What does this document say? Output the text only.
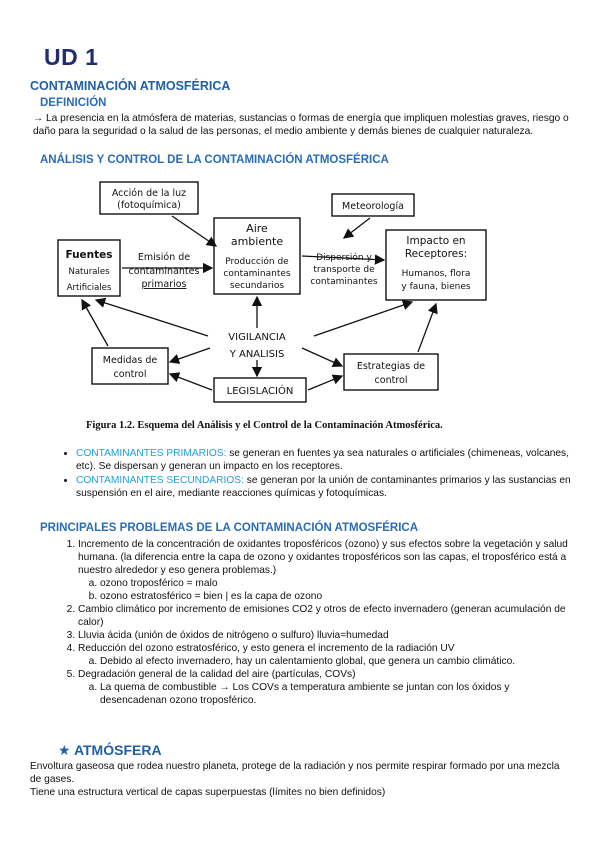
UD 1
CONTAMINACIÓN ATMOSFÉRICA
DEFINICIÓN
→ La presencia en la atmósfera de materias, sustancias o formas de energía que impliquen molestias graves, riesgo o daño para la seguridad o la salud de las personas, el medio ambiente y demás bienes de cualquier naturaleza.
ANÁLISIS Y CONTROL DE LA CONTAMINACIÓN ATMOSFÉRICA
Fuentes
Naturales
Artificiales
Emisión de
contaminantes
primarios
Acción de la luz
(fotoquímica)
Aire
ambiente
Producción de
contaminantes
secundarios
Meteorología
Dispersión y
transporte de
contaminantes
Impacto en
Receptores:
Humanos, flora
y fauna, bienes
VIGILANCIA
Y ANALISIS
Medidas de
control
LEGISLACIÓN
Estrategias de
control
Figura 1.2. Esquema del Análisis y el Control de la Contaminación Atmosférica.
• CONTAMINANTES PRIMARIOS: se generan en fuentes ya sea naturales o artificiales (chimeneas, volcanes, etc). Se dispersan y generan un impacto en los receptores.
• CONTAMINANTES SECUNDARIOS: se generan por la unión de contaminantes primarios y las sustancias en suspensión en el aire, mediante reacciones químicas y fotoquímicas.
PRINCIPALES PROBLEMAS DE LA CONTAMINACIÓN ATMOSFÉRICA
1. Incremento de la concentración de oxidantes troposféricos (ozono) y sus efectos sobre la vegetación y salud humana. (la diferencia entre la capa de ozono y oxidantes troposféricos son las capas, el troposférico está a nuestro alrededor y eso genera problemas.)
a. ozono troposférico = malo
b. ozono estratosférico = bien | es la capa de ozono
2. Cambio climático por incremento de emisiones CO2 y otros de efecto invernadero (generan acumulación de calor)
3. Lluvia ácida (unión de óxidos de nitrógeno o sulfuro) lluvia=humedad
4. Reducción del ozono estratosférico, y esto genera el incremento de la radiación UV
a. Debido al efecto invernadero, hay un calentamiento global, que genera un cambio climático.
5. Degradación general de la calidad del aire (partículas, COVs)
a. La quema de combustible → Los COVs a temperatura ambiente se juntan con los óxidos y desencadenan ozono troposférico.
★ ATMÓSFERA
Envoltura gaseosa que rodea nuestro planeta, protege de la radiación y nos permite respirar formado por una mezcla de gases.
Tiene una estructura vertical de capas superpuestas (límites no bien definidos)
